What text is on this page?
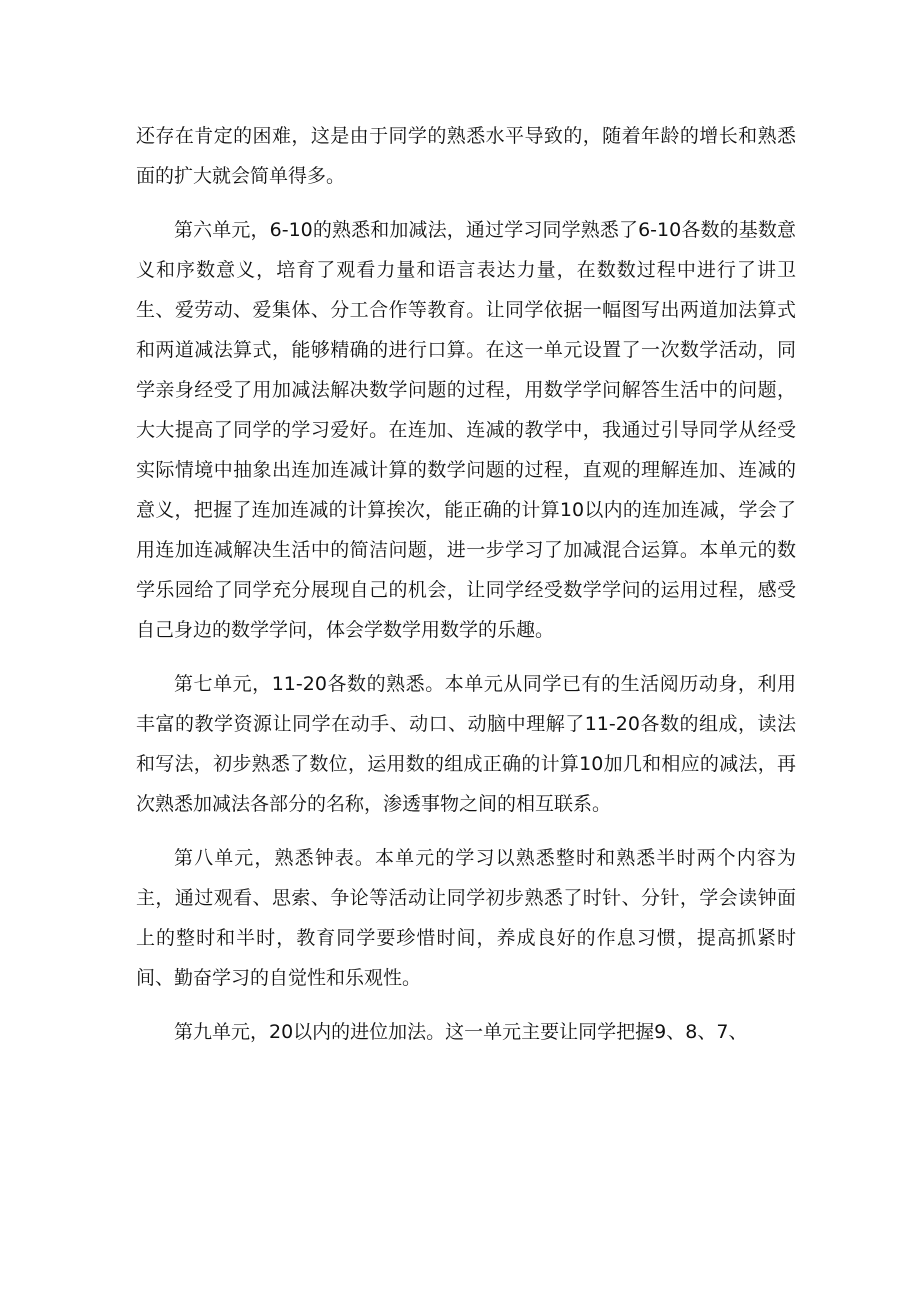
还存在肯定的困难，这是由于同学的熟悉水平导致的，随着年龄的增长和熟悉面的扩大就会简单得多。

第六单元，6-10的熟悉和加减法，通过学习同学熟悉了6-10各数的基数意义和序数意义，培育了观看力量和语言表达力量，在数数过程中进行了讲卫生、爱劳动、爱集体、分工合作等教育。让同学依据一幅图写出两道加法算式和两道减法算式，能够精确的进行口算。在这一单元设置了一次数学活动，同学亲身经受了用加减法解决数学问题的过程，用数学学问解答生活中的问题，大大提高了同学的学习爱好。在连加、连减的教学中，我通过引导同学从经受实际情境中抽象出连加连减计算的数学问题的过程，直观的理解连加、连减的意义，把握了连加连减的计算挨次，能正确的计算10以内的连加连减，学会了用连加连减解决生活中的简洁问题，进一步学习了加减混合运算。本单元的数学乐园给了同学充分展现自己的机会，让同学经受数学学问的运用过程，感受自己身边的数学学问，体会学数学用数学的乐趣。

第七单元，11-20各数的熟悉。本单元从同学已有的生活阅历动身，利用丰富的教学资源让同学在动手、动口、动脑中理解了11-20各数的组成，读法和写法，初步熟悉了数位，运用数的组成正确的计算10加几和相应的减法，再次熟悉加减法各部分的名称，渗透事物之间的相互联系。

第八单元，熟悉钟表。本单元的学习以熟悉整时和熟悉半时两个内容为主，通过观看、思索、争论等活动让同学初步熟悉了时针、分针，学会读钟面上的整时和半时，教育同学要珍惜时间，养成良好的作息习惯，提高抓紧时间、勤奋学习的自觉性和乐观性。

第九单元，20以内的进位加法。这一单元主要让同学把握9、8、7、
